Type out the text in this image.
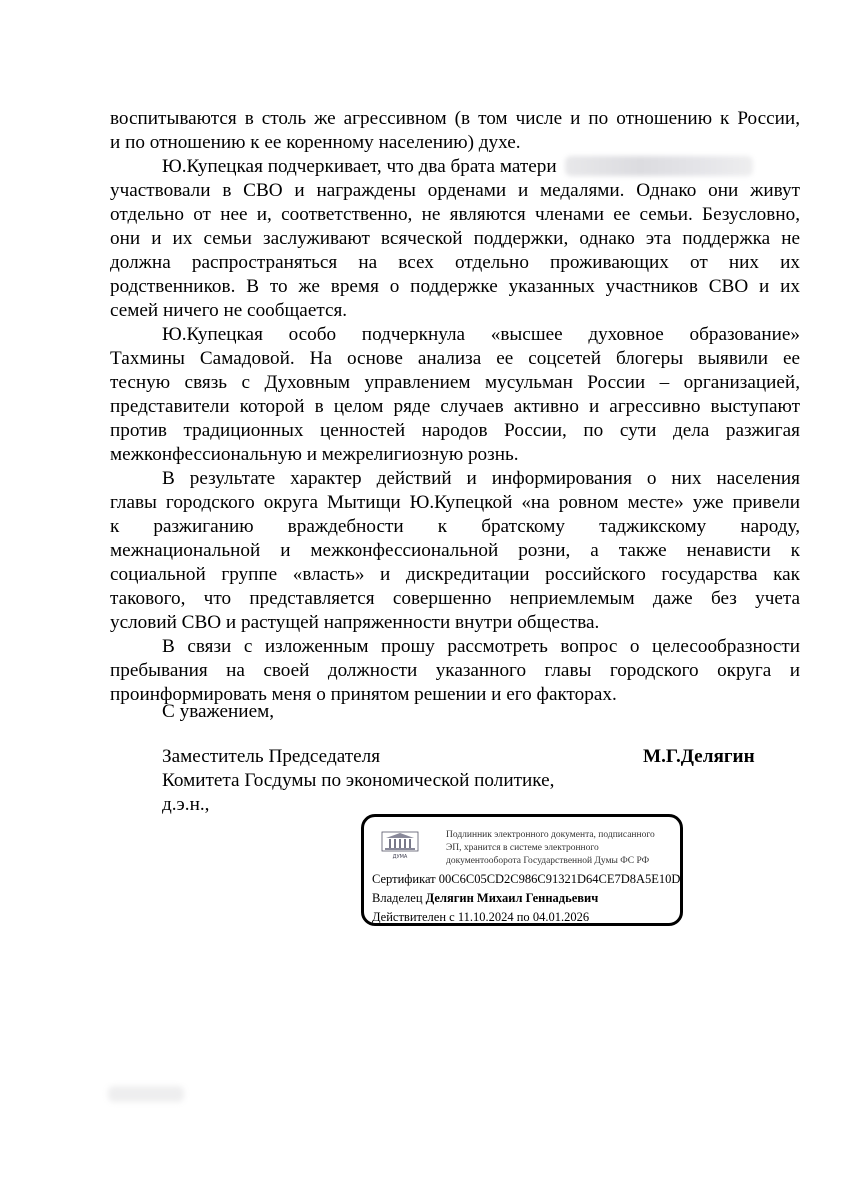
воспитываются в столь же агрессивном (в том числе и по отношению к России,
и по отношению к ее коренному населению) духе.
Ю.Купецкая подчеркивает, что два брата матери
участвовали в СВО и награждены орденами и медалями. Однако они живут
отдельно от нее и, соответственно, не являются членами ее семьи. Безусловно,
они и их семьи заслуживают всяческой поддержки, однако эта поддержка не
должна распространяться на всех отдельно проживающих от них их
родственников. В то же время о поддержке указанных участников СВО и их
семей ничего не сообщается.
Ю.Купецкая особо подчеркнула «высшее духовное образование»
Тахмины Самадовой. На основе анализа ее соцсетей блогеры выявили ее
тесную связь с Духовным управлением мусульман России – организацией,
представители которой в целом ряде случаев активно и агрессивно выступают
против традиционных ценностей народов России, по сути дела разжигая
межконфессиональную и межрелигиозную рознь.
В результате характер действий и информирования о них населения
главы городского округа Мытищи Ю.Купецкой «на ровном месте» уже привели
к разжиганию враждебности к братскому таджикскому народу,
межнациональной и межконфессиональной розни, а также ненависти к
социальной группе «власть» и дискредитации российского государства как
такового, что представляется совершенно неприемлемым даже без учета
условий СВО и растущей напряженности внутри общества.
В связи с изложенным прошу рассмотреть вопрос о целесообразности
пребывания на своей должности указанного главы городского округа и
проинформировать меня о принятом решении и его факторах.
С уважением,
Заместитель Председателя
Комитета Госдумы по экономической политике,
д.э.н.,
М.Г.Делягин
ДУМА
Подлинник электронного документа, подписанного
ЭП, хранится в системе электронного
документооборота Государственной Думы ФС РФ
Сертификат 00C6C05CD2C986C91321D64CE7D8A5E10D
Владелец Делягин Михаил Геннадьевич
Действителен с 11.10.2024 по 04.01.2026
